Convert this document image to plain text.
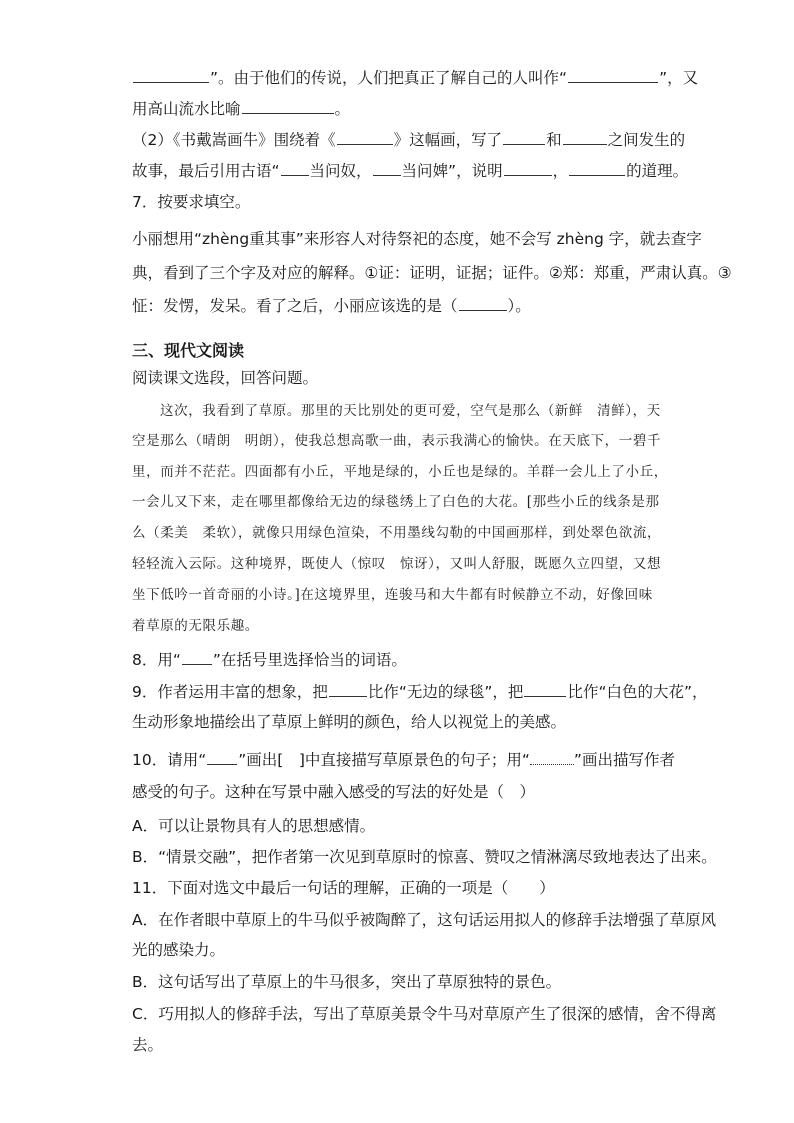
”。由于他们的传说，人们把真正了解自己的人叫作“	”，又
用高山流水比喻	。
（2）《书戴嵩画牛》围绕着《	》这幅画，写了	和	之间发生的
故事，最后引用古语“ 当问奴， 当问婢”，说明	，	的道理。
7．按要求填空。
小丽想用“zhèng重其事”来形容人对待祭祀的态度，她不会写 zhèng 字，就去查字
典，看到了三个字及对应的解释。①证：证明，证据；证件。②郑：郑重，严肃认真。③
怔：发愣，发呆。看了之后，小丽应该选的是（	）。
三、现代文阅读
阅读课文选段，回答问题。
这次，我看到了草原。那里的天比别处的更可爱，空气是那么（新鲜　清鲜），天
空是那么（晴朗　明朗），使我总想高歌一曲，表示我满心的愉快。在天底下，一碧千
里，而并不茫茫。四面都有小丘，平地是绿的，小丘也是绿的。羊群一会儿上了小丘，
一会儿又下来，走在哪里都像给无边的绿毯绣上了白色的大花。[那些小丘的线条是那
么（柔美　柔软），就像只用绿色渲染，不用墨线勾勒的中国画那样，到处翠色欲流，
轻轻流入云际。这种境界，既使人（惊叹　惊讶），又叫人舒服，既愿久立四望，又想
坐下低吟一首奇丽的小诗。]在这境界里，连骏马和大牛都有时候静立不动，好像回味
着草原的无限乐趣。
8．用“ ”在括号里选择恰当的词语。
9．作者运用丰富的想象，把	比作“无边的绿毯”，把	比作“白色的大花”，
生动形象地描绘出了草原上鲜明的颜色，给人以视觉上的美感。
10．请用“ ”画出[　]中直接描写草原景色的句子；用“	”画出描写作者
感受的句子。这种在写景中融入感受的写法的好处是（　）
A．可以让景物具有人的思想感情。
B．“情景交融”，把作者第一次见到草原时的惊喜、赞叹之情淋漓尽致地表达了出来。
11．下面对选文中最后一句话的理解，正确的一项是（　　）
A．在作者眼中草原上的牛马似乎被陶醉了，这句话运用拟人的修辞手法增强了草原风
光的感染力。
B．这句话写出了草原上的牛马很多，突出了草原独特的景色。
C．巧用拟人的修辞手法，写出了草原美景令牛马对草原产生了很深的感情，舍不得离
去。
